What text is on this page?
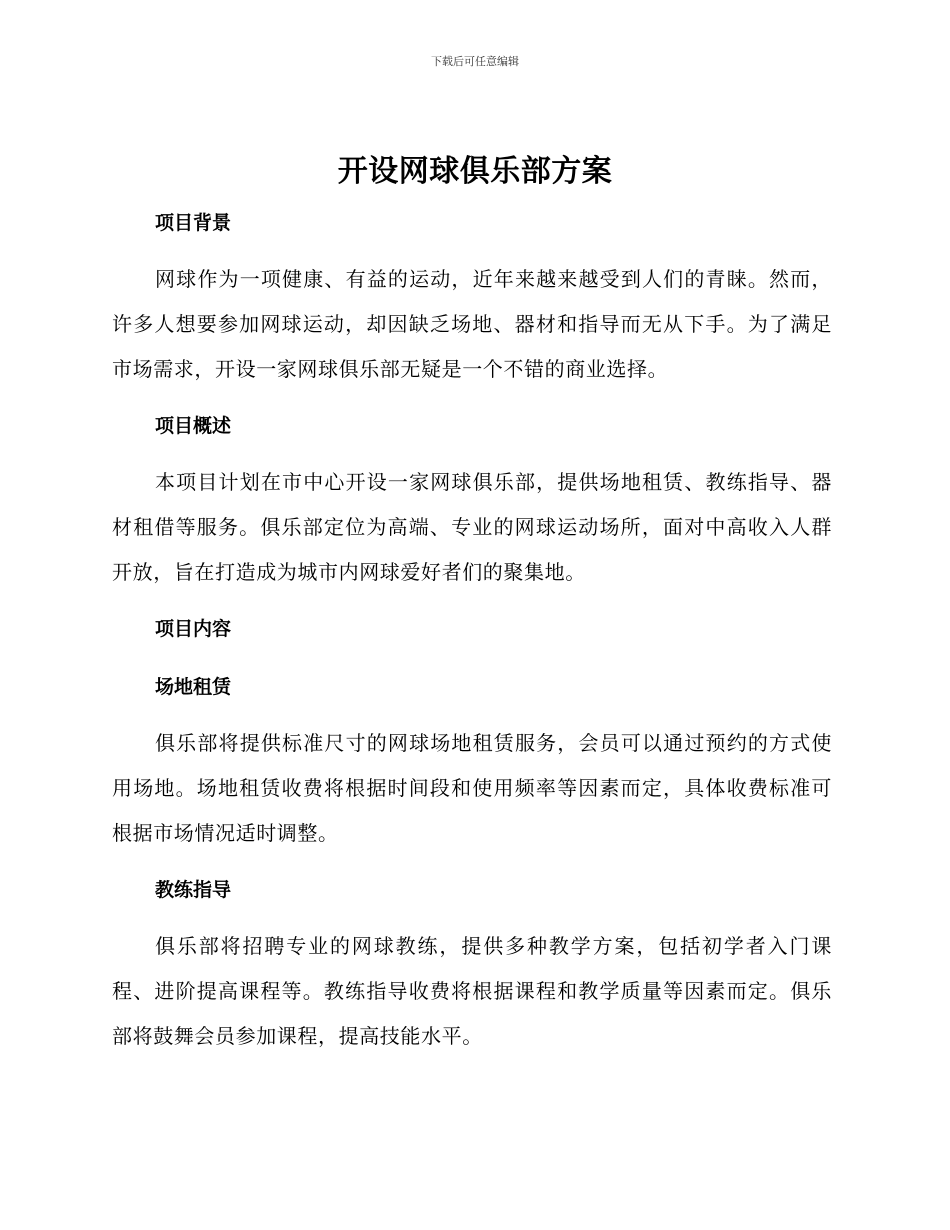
下载后可任意编辑
开设网球俱乐部方案
项目背景

网球作为一项健康、有益的运动，近年来越来越受到人们的青睐。然而，许多人想要参加网球运动，却因缺乏场地、器材和指导而无从下手。为了满足市场需求，开设一家网球俱乐部无疑是一个不错的商业选择。

项目概述

本项目计划在市中心开设一家网球俱乐部，提供场地租赁、教练指导、器材租借等服务。俱乐部定位为高端、专业的网球运动场所，面对中高收入人群开放，旨在打造成为城市内网球爱好者们的聚集地。

项目内容
场地租赁

俱乐部将提供标准尺寸的网球场地租赁服务，会员可以通过预约的方式使用场地。场地租赁收费将根据时间段和使用频率等因素而定，具体收费标准可根据市场情况适时调整。

教练指导

俱乐部将招聘专业的网球教练，提供多种教学方案，包括初学者入门课程、进阶提高课程等。教练指导收费将根据课程和教学质量等因素而定。俱乐部将鼓舞会员参加课程，提高技能水平。
